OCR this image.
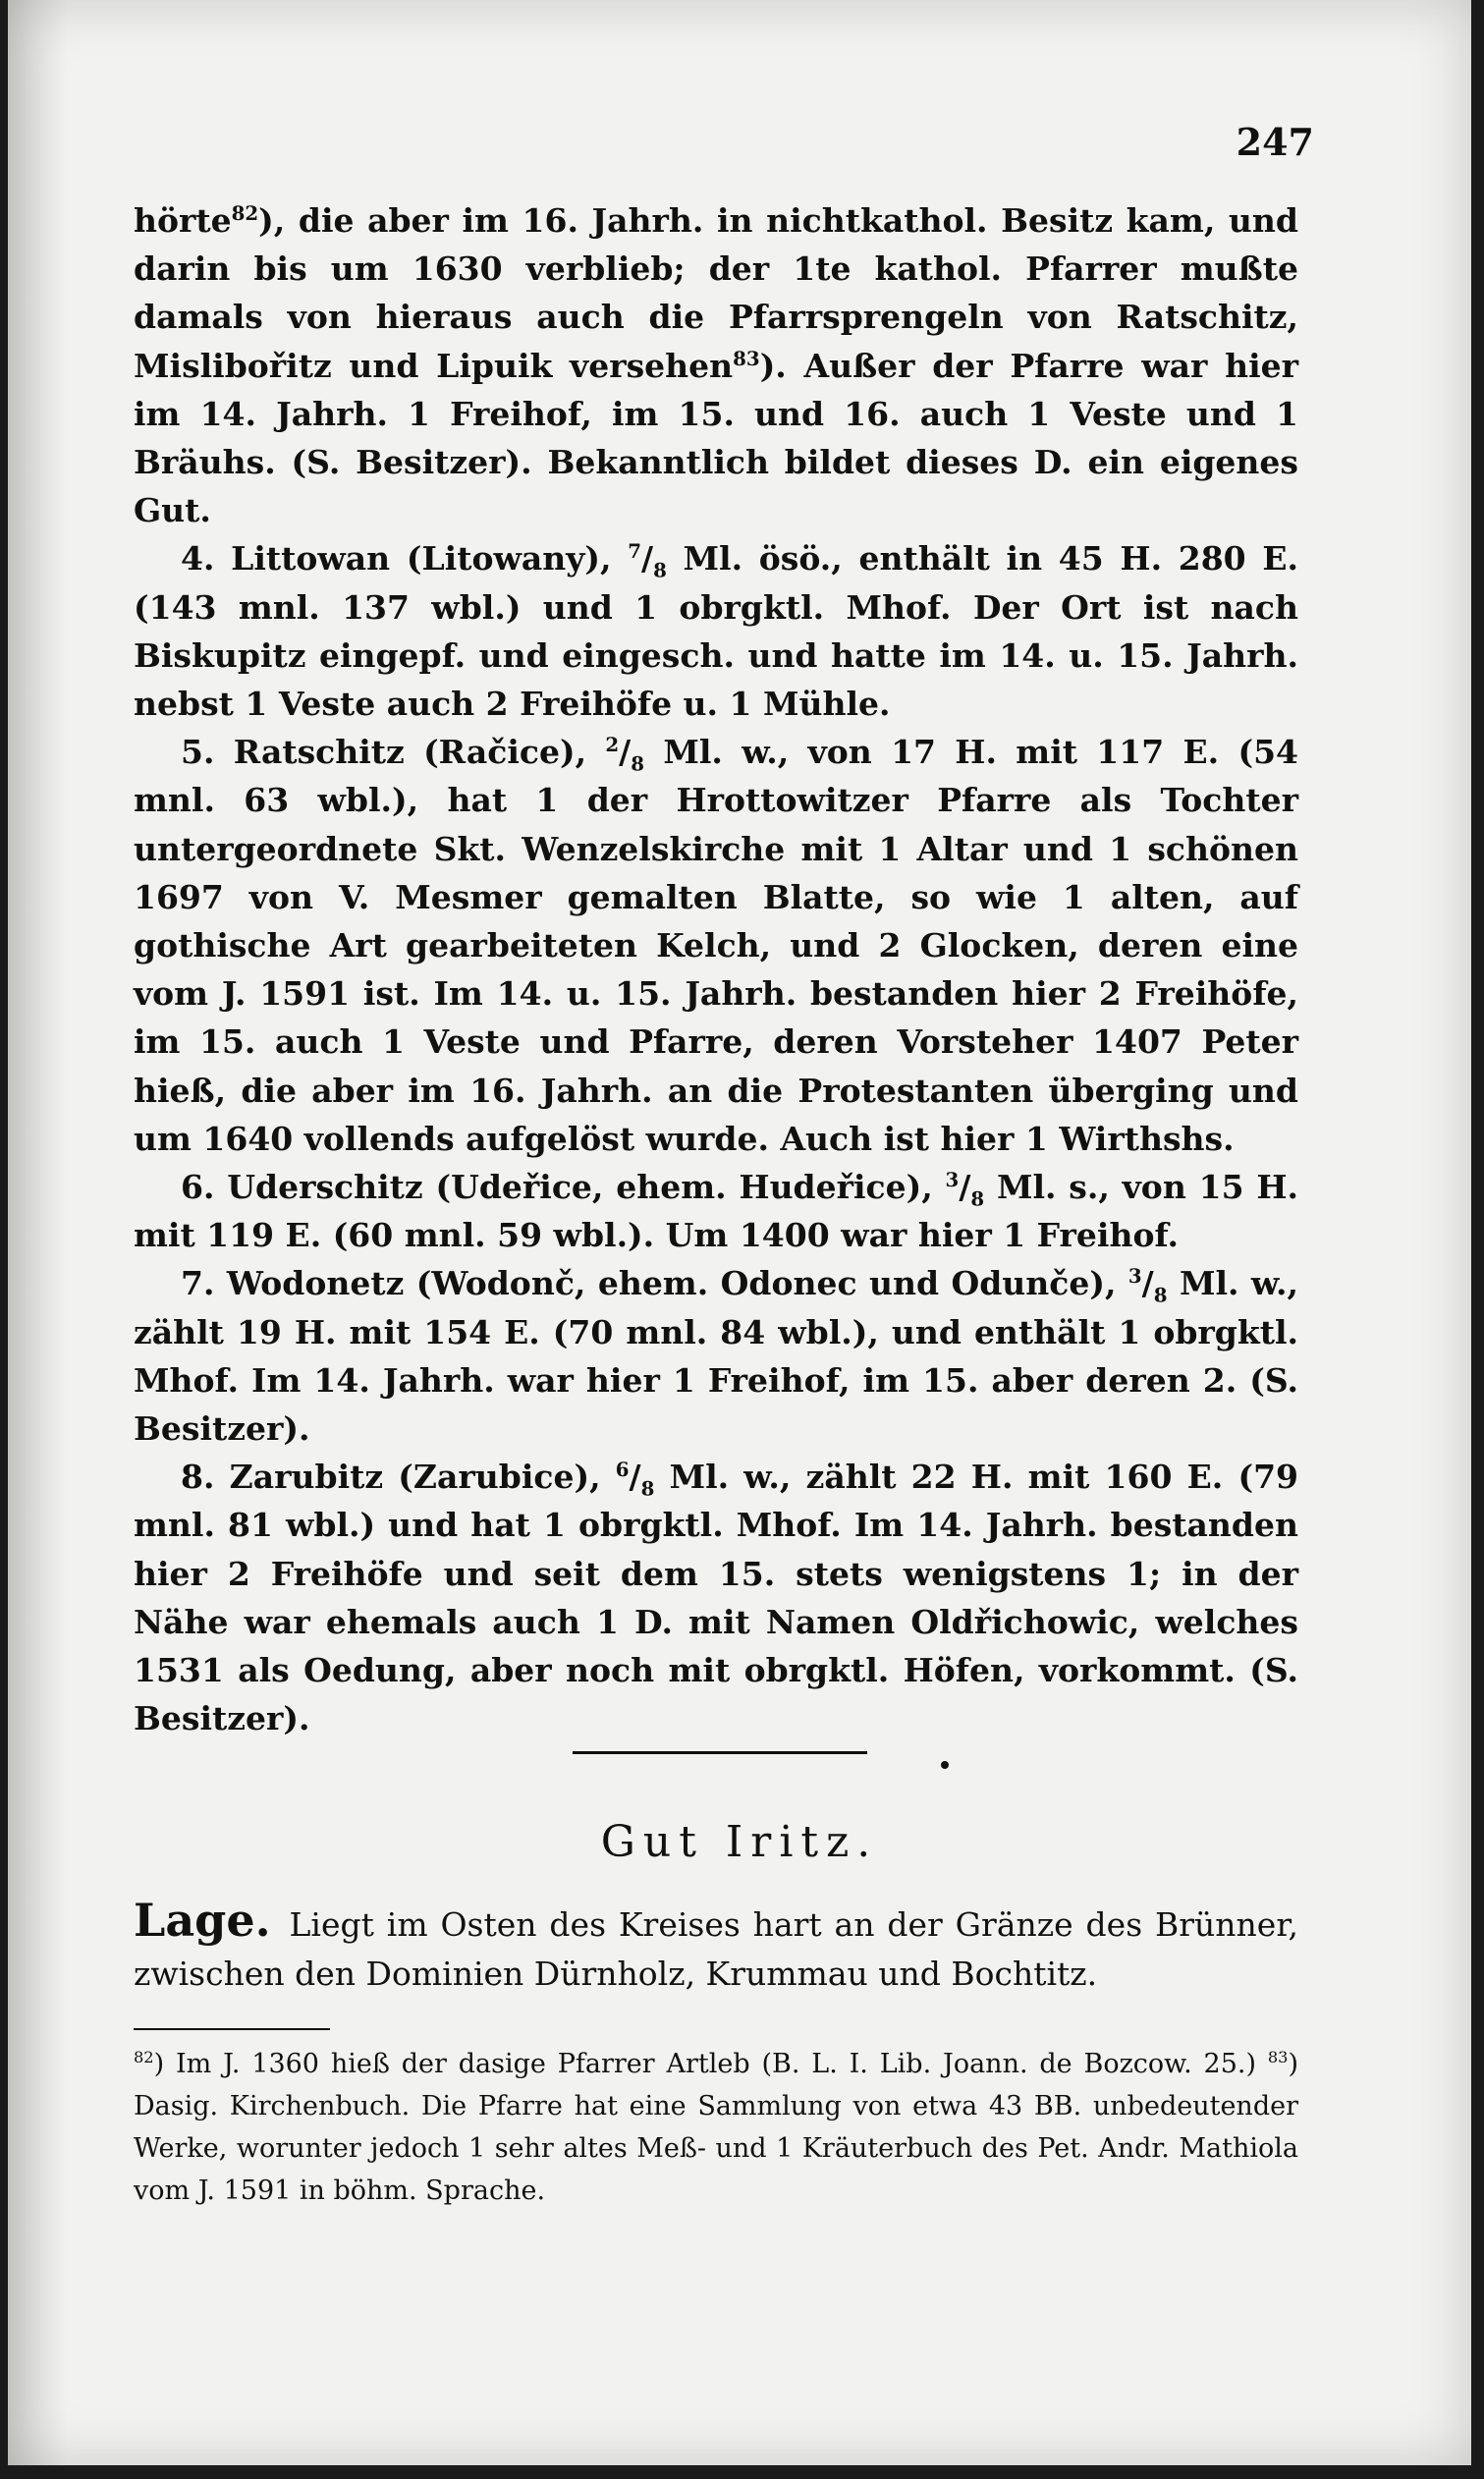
247

hörte$^{82}$), die aber im 16. Jahrh. in nichtkathol. Besitz kam, und darin bis um 1630 verblieb; der 1te kathol. Pfarrer mußte damals von hieraus auch die Pfarrsprengeln von Ratschitz, Mislibořitz und Lipuik versehen$^{83}$). Außer der Pfarre war hier im 14. Jahrh. 1 Freihof, im 15. und 16. auch 1 Veste und 1 Bräuhs. (S. Besitzer). Bekanntlich bildet dieses D. ein eigenes Gut.

4. Littowan (Litowany), $^7/_8$ Ml. ösö., enthält in 45 H. 280 E. (143 mnl. 137 wbl.) und 1 obrgktl. Mhof. Der Ort ist nach Biskupitz eingepf. und eingesch. und hatte im 14. u. 15. Jahrh. nebst 1 Veste auch 2 Freihöfe u. 1 Mühle.

5. Ratschitz (Račice), $^2/_8$ Ml. w., von 17 H. mit 117 E. (54 mnl. 63 wbl.), hat 1 der Hrottowitzer Pfarre als Tochter untergeordnete Skt. Wenzelskirche mit 1 Altar und 1 schönen 1697 von V. Mesmer gemalten Blatte, so wie 1 alten, auf gothische Art gearbeiteten Kelch, und 2 Glocken, deren eine vom J. 1591 ist. Im 14. u. 15. Jahrh. bestanden hier 2 Freihöfe, im 15. auch 1 Veste und Pfarre, deren Vorsteher 1407 Peter hieß, die aber im 16. Jahrh. an die Protestanten überging und um 1640 vollends aufgelöst wurde. Auch ist hier 1 Wirthshs.

6. Uderschitz (Udeřice, ehem. Hudeřice), $^3/_8$ Ml. s., von 15 H. mit 119 E. (60 mnl. 59 wbl.). Um 1400 war hier 1 Freihof.

7. Wodonetz (Wodonč, ehem. Odonec und Odunče), $^3/_8$ Ml. w., zählt 19 H. mit 154 E. (70 mnl. 84 wbl.), und enthält 1 obrgktl. Mhof. Im 14. Jahrh. war hier 1 Freihof, im 15. aber deren 2. (S. Besitzer).

8. Zarubitz (Zarubice), $^6/_8$ Ml. w., zählt 22 H. mit 160 E. (79 mnl. 81 wbl.) und hat 1 obrgktl. Mhof. Im 14. Jahrh. bestanden hier 2 Freihöfe und seit dem 15. stets wenigstens 1; in der Nähe war ehemals auch 1 D. mit Namen Oldřichowic, welches 1531 als Oedung, aber noch mit obrgktl. Höfen, vorkommt. (S. Besitzer).

Gut Iritz.
Lage. Liegt im Osten des Kreises hart an der Gränze des Brünner, zwischen den Dominien Dürnholz, Krummau und Bochtitz.
$^{82}$) Im J. 1360 hieß der dasige Pfarrer Artleb (B. L. I. Lib. Joann. de Bozcow. 25.) $^{83}$) Dasig. Kirchenbuch. Die Pfarre hat eine Sammlung von etwa 43 BB. unbedeutender Werke, worunter jedoch 1 sehr altes Meß- und 1 Kräuterbuch des Pet. Andr. Mathiola vom J. 1591 in böhm. Sprache.
